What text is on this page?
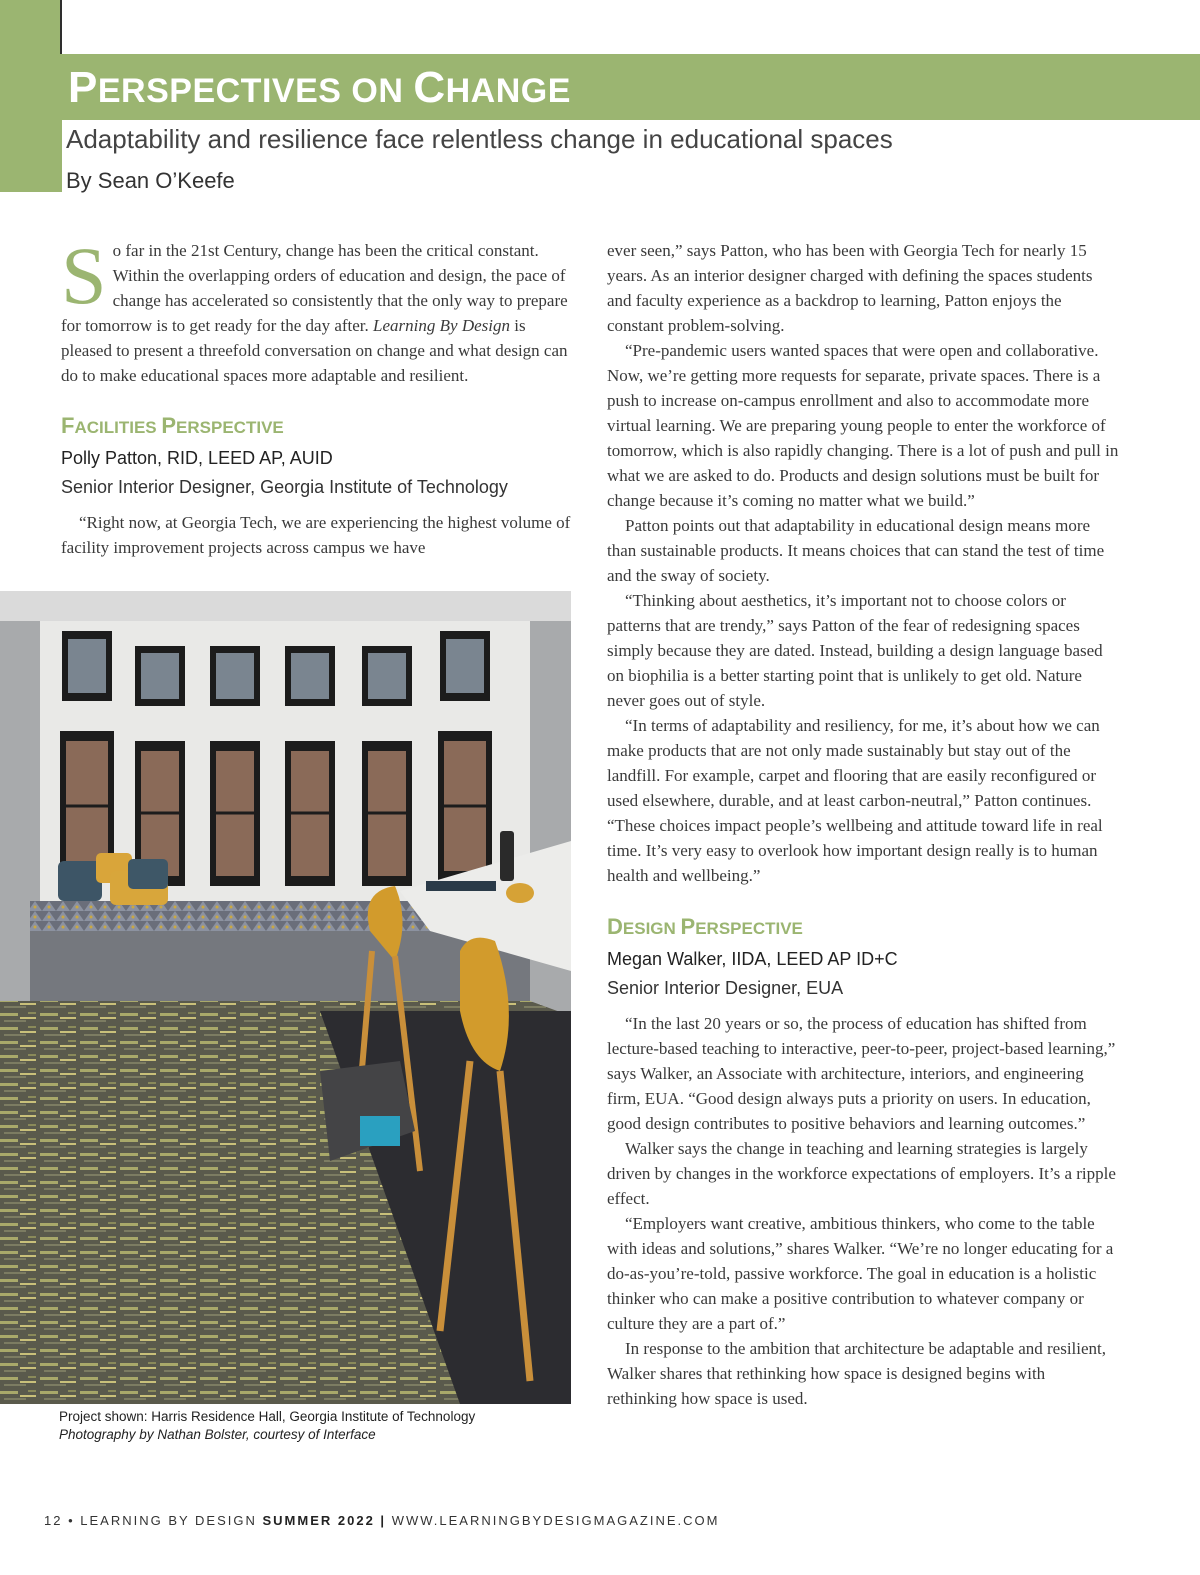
PERSPECTIVES ON CHANGE
Adaptability and resilience face relentless change in educational spaces
By Sean O’Keefe

So far in the 21st Century, change has been the critical constant. Within the overlapping orders of education and design, the pace of change has accelerated so consistently that the only way to prepare for tomorrow is to get ready for the day after. Learning By Design is pleased to present a threefold conversation on change and what design can do to make educational spaces more adaptable and resilient.

FACILITIES PERSPECTIVE

Polly Patton, RID, LEED AP, AUID

Senior Interior Designer, Georgia Institute of Technology

“Right now, at Georgia Tech, we are experiencing the highest volume of facility improvement projects across campus we have

Project shown: Harris Residence Hall, Georgia Institute of Technology
Photography by Nathan Bolster, courtesy of Interface

ever seen,” says Patton, who has been with Georgia Tech for nearly 15 years. As an interior designer charged with defining the spaces students and faculty experience as a backdrop to learning, Patton enjoys the constant problem-solving.

“Pre-pandemic users wanted spaces that were open and collaborative. Now, we’re getting more requests for separate, private spaces. There is a push to increase on-campus enrollment and also to accommodate more virtual learning. We are preparing young people to enter the workforce of tomorrow, which is also rapidly changing. There is a lot of push and pull in what we are asked to do. Products and design solutions must be built for change because it’s coming no matter what we build.”

Patton points out that adaptability in educational design means more than sustainable products. It means choices that can stand the test of time and the sway of society.

“Thinking about aesthetics, it’s important not to choose colors or patterns that are trendy,” says Patton of the fear of redesigning spaces simply because they are dated. Instead, building a design language based on biophilia is a better starting point that is unlikely to get old. Nature never goes out of style.

“In terms of adaptability and resiliency, for me, it’s about how we can make products that are not only made sustainably but stay out of the landfill. For example, carpet and flooring that are easily reconfigured or used elsewhere, durable, and at least carbon-neutral,” Patton continues. “These choices impact people’s wellbeing and attitude toward life in real time. It’s very easy to overlook how important design really is to human health and wellbeing.”

DESIGN PERSPECTIVE

Megan Walker, IIDA, LEED AP ID+C

Senior Interior Designer, EUA

“In the last 20 years or so, the process of education has shifted from lecture-based teaching to interactive, peer-to-peer, project-based learning,” says Walker, an Associate with architecture, interiors, and engineering firm, EUA. “Good design always puts a priority on users. In education, good design contributes to positive behaviors and learning outcomes.”

Walker says the change in teaching and learning strategies is largely driven by changes in the workforce expectations of employers. It’s a ripple effect.

“Employers want creative, ambitious thinkers, who come to the table with ideas and solutions,” shares Walker. “We’re no longer educating for a do-as-you’re-told, passive workforce. The goal in education is a holistic thinker who can make a positive contribution to whatever company or culture they are a part of.”

In response to the ambition that architecture be adaptable and resilient, Walker shares that rethinking how space is designed begins with rethinking how space is used.

12 • LEARNING BY DESIGN SUMMER 2022 | WWW.LEARNINGBYDESIGMAGAZINE.COM
